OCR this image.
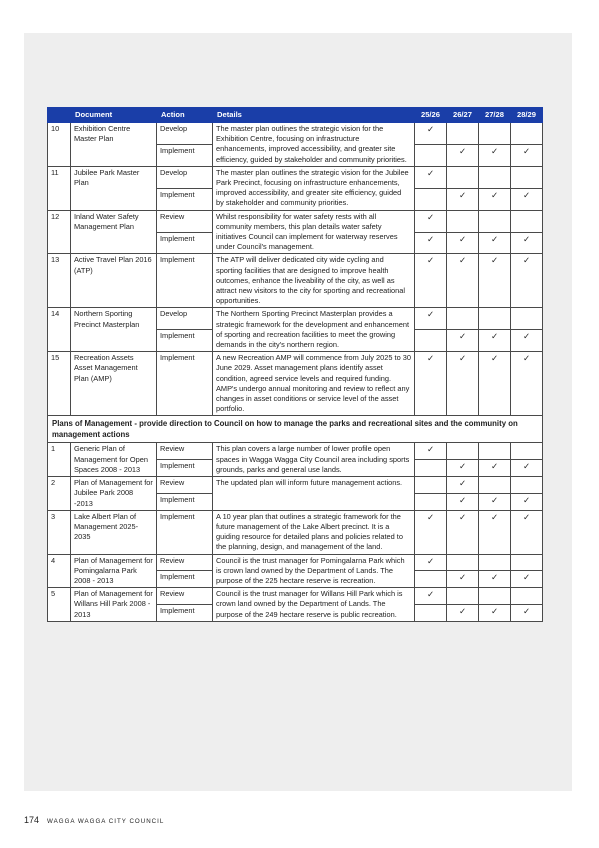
	Document	Action	Details	25/26	26/27	27/28	28/29
10	Exhibition Centre Master Plan	Develop	The master plan outlines the strategic vision for the Exhibition Centre, focusing on infrastructure enhancements, improved accessibility, and greater site efficiency, guided by stakeholder and community priorities.	✓			
		Implement			✓	✓	✓
11	Jubilee Park Master Plan	Develop	The master plan outlines the strategic vision for the Jubilee Park Precinct, focusing on infrastructure enhancements, improved accessibility, and greater site efficiency, guided by stakeholder and community priorities.	✓			
		Implement			✓	✓	✓
12	Inland Water Safety Management Plan	Review	Whilst responsibility for water safety rests with all community members, this plan details water safety initiatives Council can implement for waterway reserves under Council's management.	✓			
		Implement		✓	✓	✓	✓
13	Active Travel Plan 2016 (ATP)	Implement	The ATP will deliver dedicated city wide cycling and sporting facilities that are designed to improve health outcomes, enhance the liveability of the city, as well as attract new visitors to the city for sporting and recreational opportunities.	✓	✓	✓	✓
14	Northern Sporting Precinct Masterplan	Develop	The Northern Sporting Precinct Masterplan provides a strategic framework for the development and enhancement of sporting and recreation facilities to meet the growing demands in the city's northern region.	✓			
		Implement			✓	✓	✓
15	Recreation Assets Asset Management Plan (AMP)	Implement	A new Recreation AMP will commence from July 2025 to 30 June 2029. Asset management plans identify asset condition, agreed service levels and required funding. AMP's undergo annual monitoring and review to reflect any changes in asset conditions or service level of the asset portfolio.	✓	✓	✓	✓
Plans of Management - provide direction to Council on how to manage the parks and recreational sites and the community on management actions							
1	Generic Plan of Management for Open Spaces 2008 - 2013	Review	This plan covers a large number of lower profile open spaces in Wagga Wagga City Council area including sports grounds, parks and general use lands.	✓			
		Implement			✓	✓	✓
2	Plan of Management for Jubilee Park 2008 -2013	Review	The updated plan will inform future management actions.		✓		
		Implement			✓	✓	✓
3	Lake Albert Plan of Management 2025-2035	Implement	A 10 year plan that outlines a strategic framework for the future management of the Lake Albert precinct. It is a guiding resource for detailed plans and policies related to the planning, design, and management of the land.	✓	✓	✓	✓
4	Plan of Management for Pomingalarna Park 2008 - 2013	Review	Council is the trust manager for Pomingalarna Park which is crown land owned by the Department of Lands. The purpose of the 225 hectare reserve is recreation.	✓			
		Implement			✓	✓	✓
5	Plan of Management for Willans Hill Park 2008 - 2013	Review	Council is the trust manager for Willans Hill Park which is crown land owned by the Department of Lands. The purpose of the 249 hectare reserve is public recreation.	✓			
		Implement			✓	✓	✓
174 WAGGA WAGGA CITY COUNCIL
